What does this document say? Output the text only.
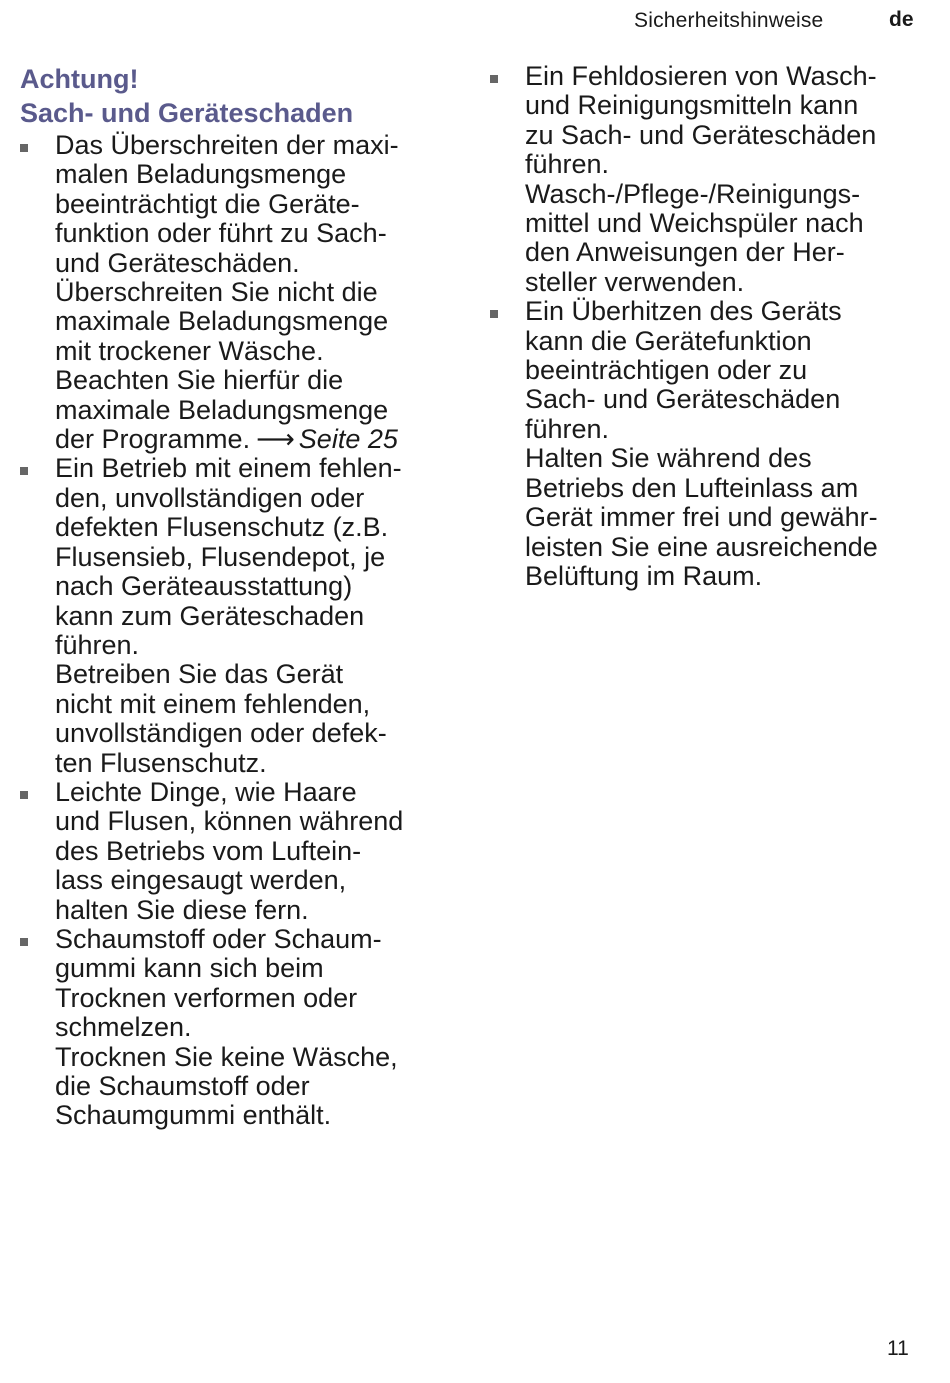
Sicherheitshinweise	de

Achtung!

Sach- und Geräteschaden

Das Überschreiten der maxi-
malen Beladungsmenge
beeinträchtigt die Geräte-
funktion oder führt zu Sach-
und Geräteschäden.
Überschreiten Sie nicht die
maximale Beladungsmenge
mit trockener Wäsche.
Beachten Sie hierfür die
maximale Beladungsmenge
der Programme. ⟶ Seite 25
Ein Betrieb mit einem fehlen-
den, unvollständigen oder
defekten Flusenschutz (z.B.
Flusensieb, Flusendepot, je
nach Geräteausstattung)
kann zum Geräteschaden
führen.
Betreiben Sie das Gerät
nicht mit einem fehlenden,
unvollständigen oder defek-
ten Flusenschutz.
Leichte Dinge, wie Haare
und Flusen, können während
des Betriebs vom Luftein-
lass eingesaugt werden,
halten Sie diese fern.
Schaumstoff oder Schaum-
gummi kann sich beim
Trocknen verformen oder
schmelzen.
Trocknen Sie keine Wäsche,
die Schaumstoff oder
Schaumgummi enthält.
Ein Fehldosieren von Wasch-
und Reinigungsmitteln kann
zu Sach- und Geräteschäden
führen.
Wasch-/Pflege-/Reinigungs-
mittel und Weichspüler nach
den Anweisungen der Her-
steller verwenden.
Ein Überhitzen des Geräts
kann die Gerätefunktion
beeinträchtigen oder zu
Sach- und Geräteschäden
führen.
Halten Sie während des
Betriebs den Lufteinlass am
Gerät immer frei und gewähr-
leisten Sie eine ausreichende
Belüftung im Raum.
11
